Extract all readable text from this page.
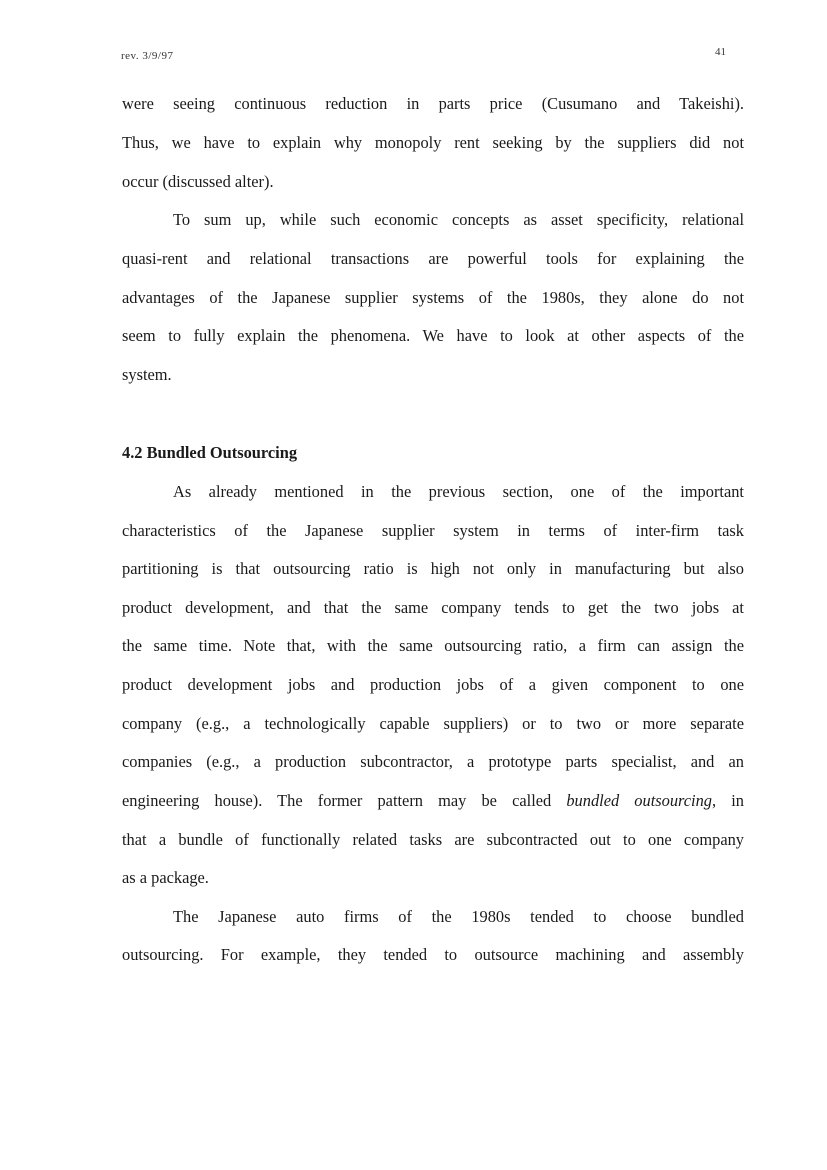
rev. 3/9/97	41
were seeing continuous reduction in parts price (Cusumano and Takeishi).
Thus, we have to explain why monopoly rent seeking by the suppliers did not
occur (discussed alter).
To sum up, while such economic concepts as asset specificity, relational
quasi-rent and relational transactions are powerful tools for explaining the
advantages of the Japanese supplier systems of the 1980s, they alone do not
seem to fully explain the phenomena. We have to look at other aspects of the
system.
4.2 Bundled Outsourcing
As already mentioned in the previous section, one of the important
characteristics of the Japanese supplier system in terms of inter-firm task
partitioning is that outsourcing ratio is high not only in manufacturing but also
product development, and that the same company tends to get the two jobs at
the same time. Note that, with the same outsourcing ratio, a firm can assign the
product development jobs and production jobs of a given component to one
company (e.g., a technologically capable suppliers) or to two or more separate
companies (e.g., a production subcontractor, a prototype parts specialist, and an
engineering house). The former pattern may be called bundled outsourcing, in
that a bundle of functionally related tasks are subcontracted out to one company
as a package.
The Japanese auto firms of the 1980s tended to choose bundled
outsourcing. For example, they tended to outsource machining and assembly
